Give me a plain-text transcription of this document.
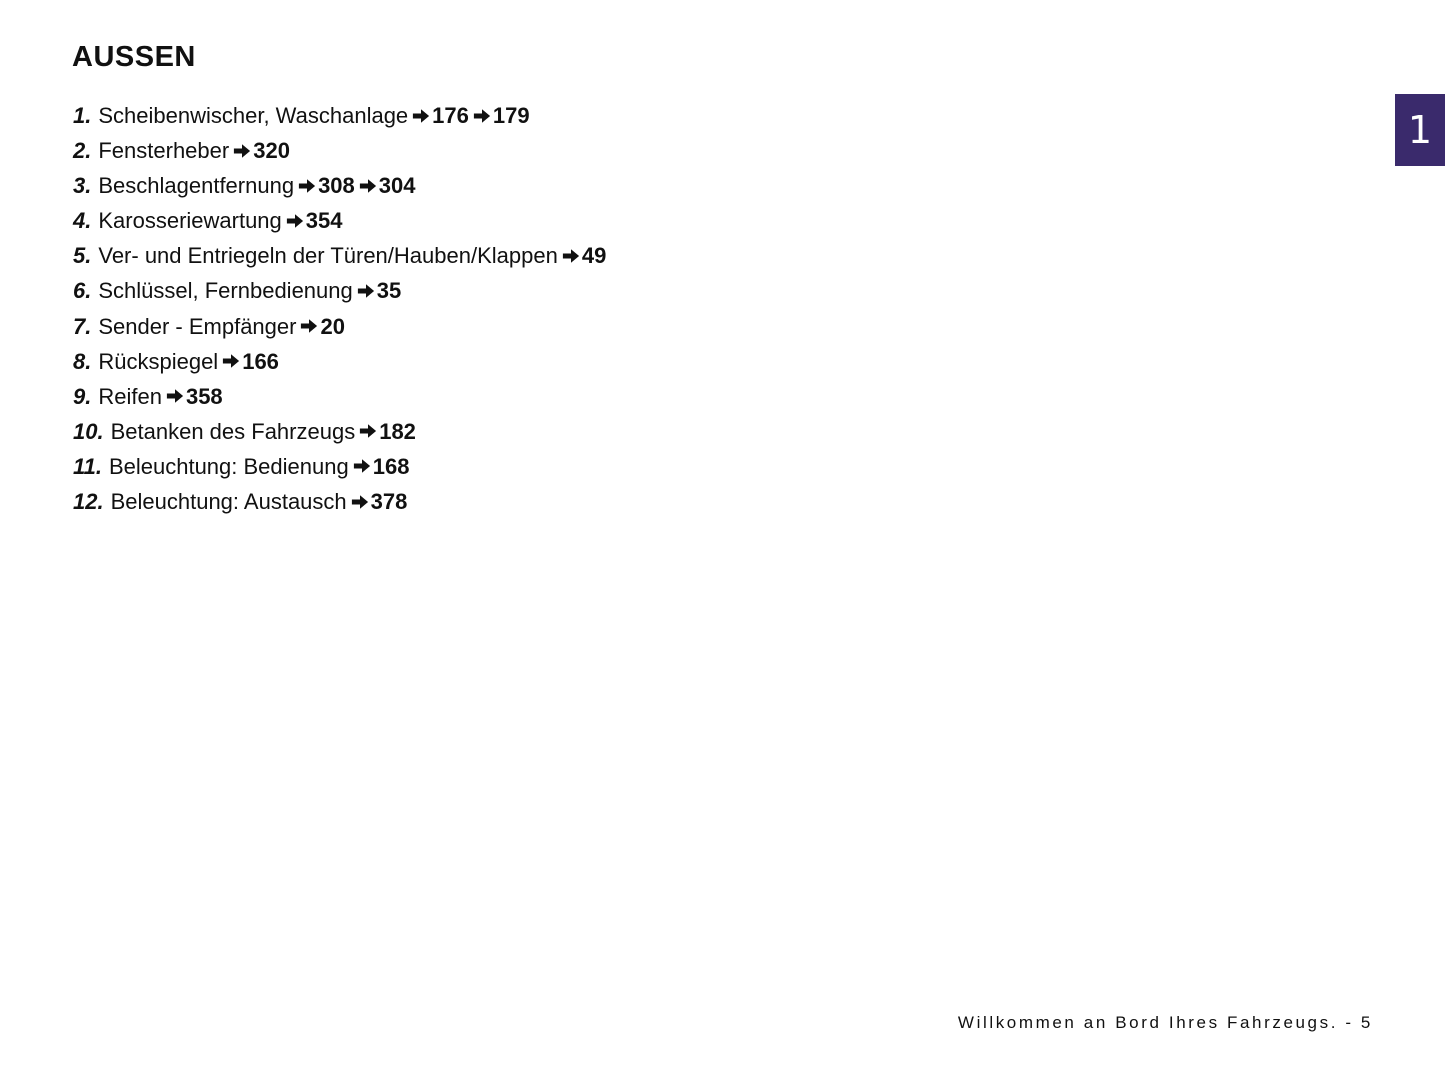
AUSSEN
1. Scheibenwischer, Waschanlage 176 179
2. Fensterheber 320
3. Beschlagentfernung 308 304
4. Karosseriewartung 354
5. Ver- und Entriegeln der Türen/Hauben/Klappen 49
6. Schlüssel, Fernbedienung 35
7. Sender - Empfänger 20
8. Rückspiegel 166
9. Reifen 358
10. Betanken des Fahrzeugs 182
11. Beleuchtung: Bedienung 168
12. Beleuchtung: Austausch 378
1
Willkommen an Bord Ihres Fahrzeugs. - 5
